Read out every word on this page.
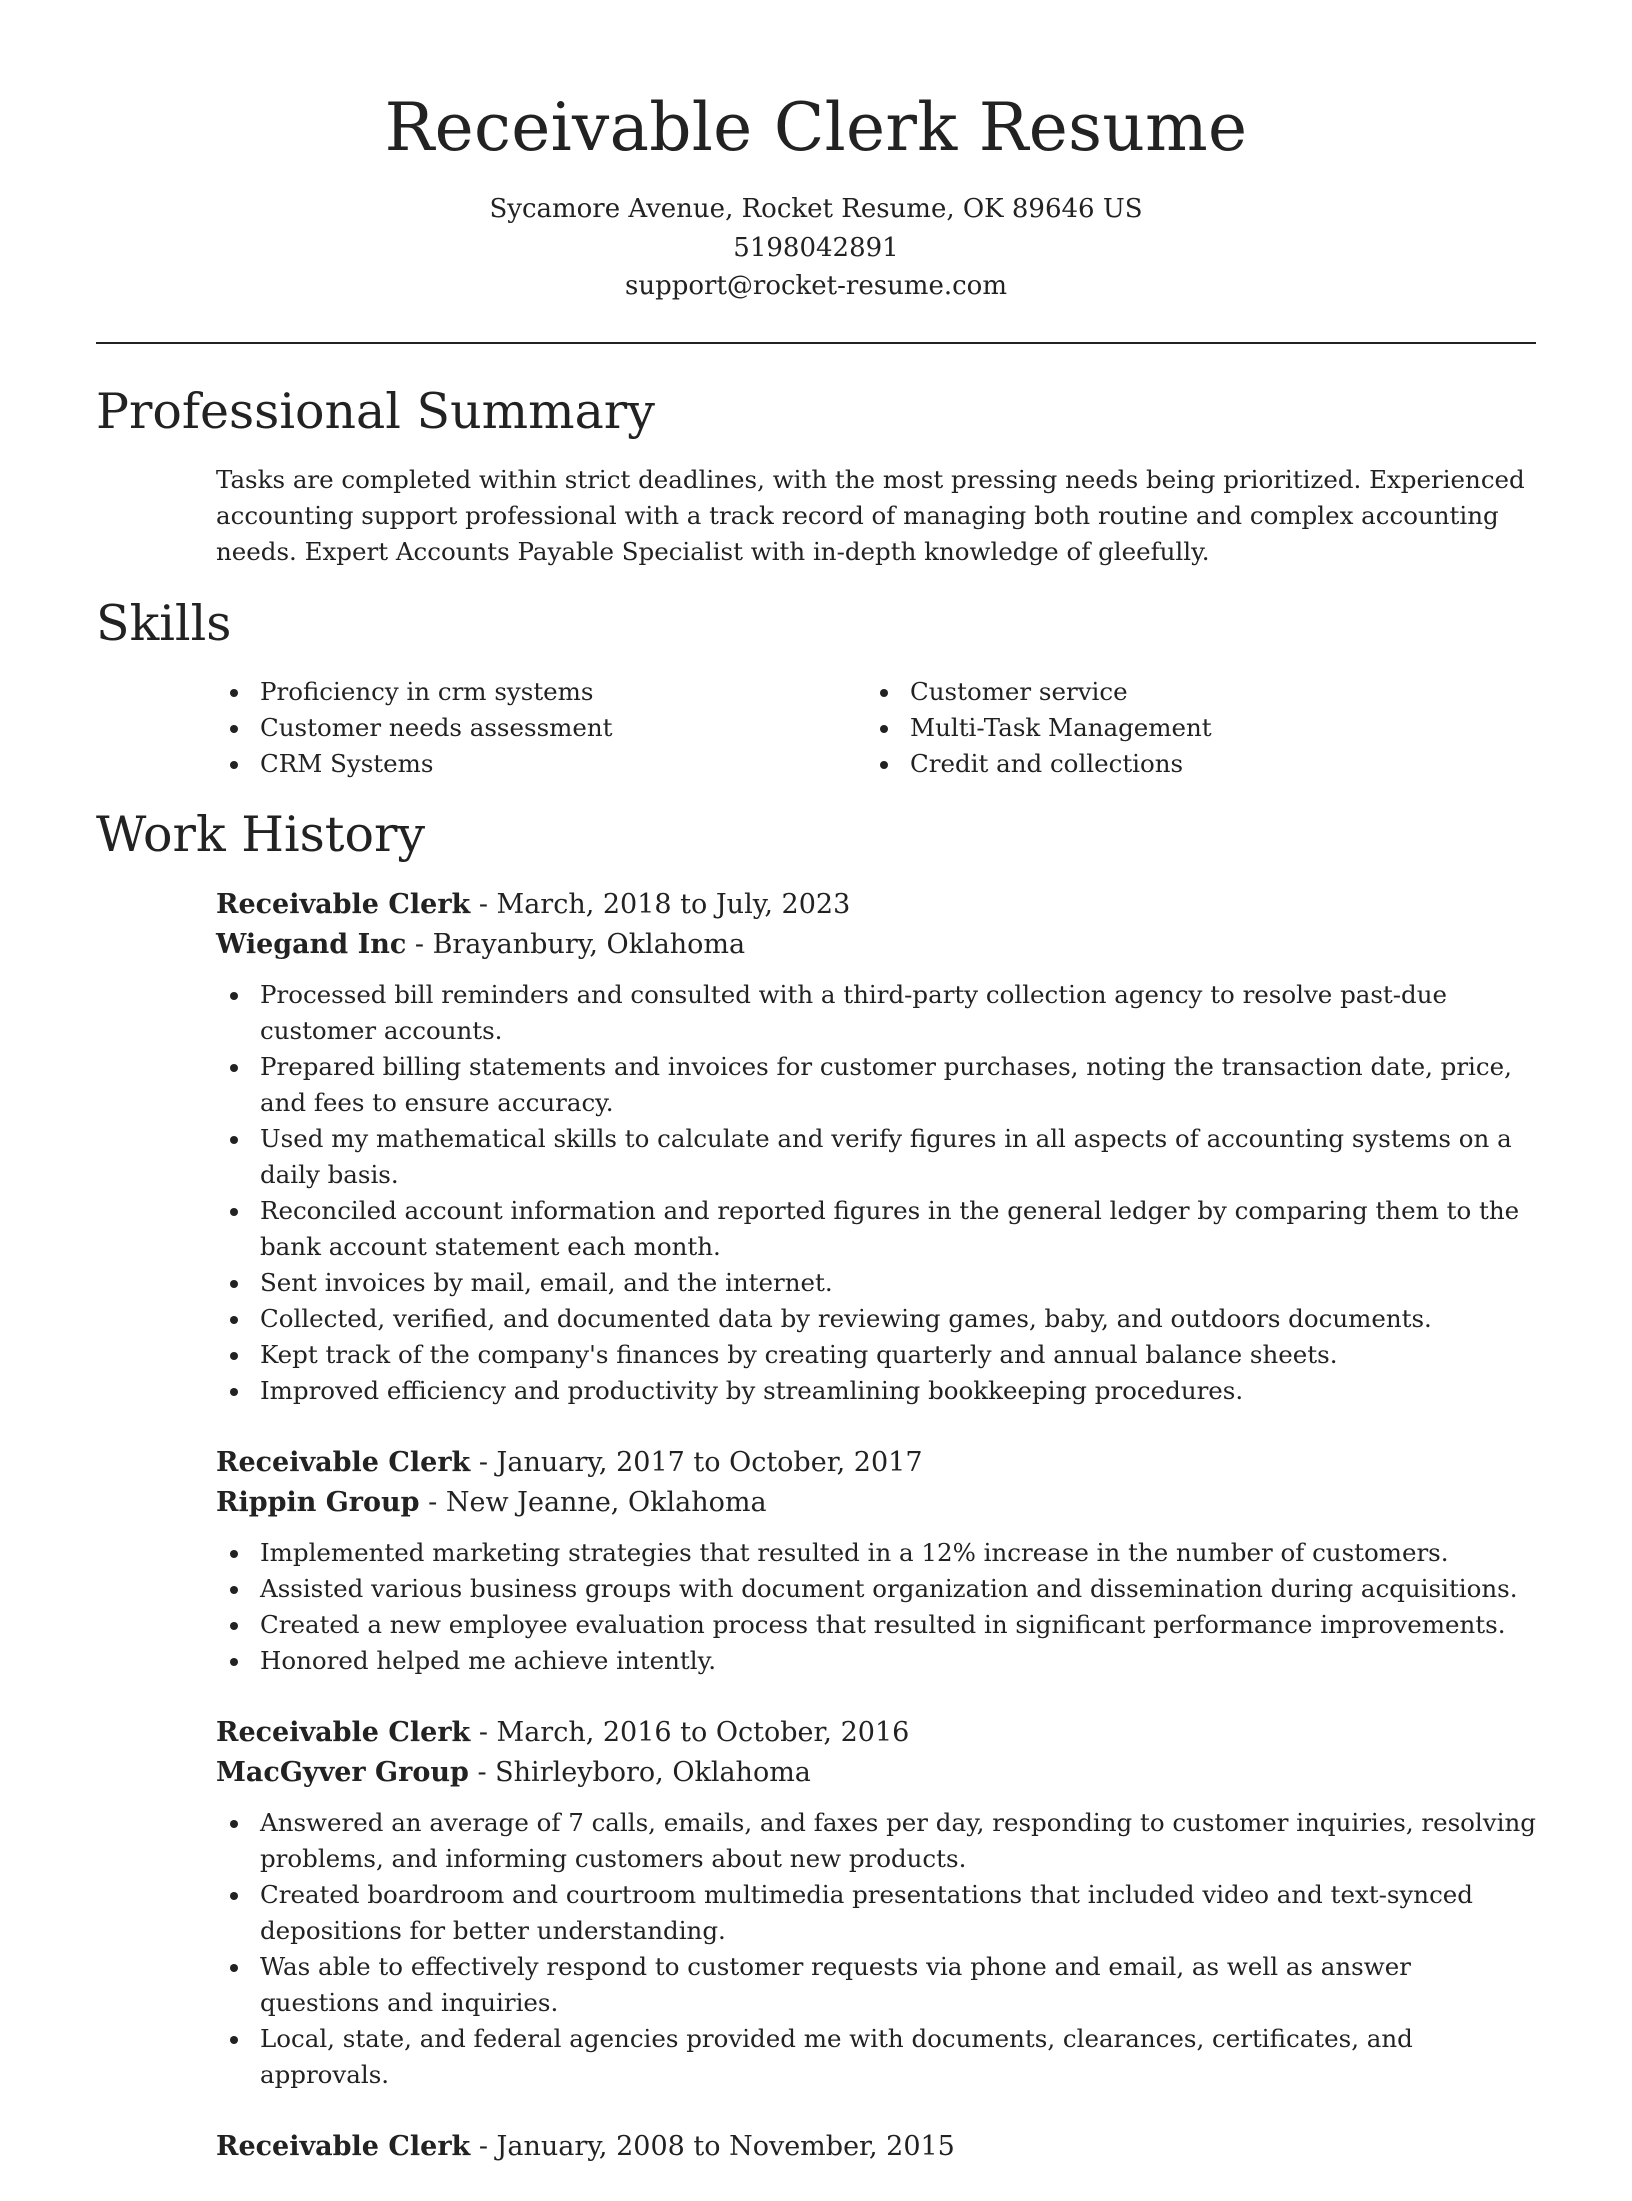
Receivable Clerk Resume
Sycamore Avenue, Rocket Resume, OK 89646 US
5198042891
support@rocket-resume.com
Professional Summary

Tasks are completed within strict deadlines, with the most pressing needs being prioritized. Experienced accounting support professional with a track record of managing both routine and complex accounting needs. Expert Accounts Payable Specialist with in-depth knowledge of gleefully.

Skills
Proficiency in crm systems
Customer needs assessment
CRM Systems
Customer service
Multi-Task Management
Credit and collections
Work History
Receivable Clerk - March, 2018 to July, 2023
Wiegand Inc - Brayanbury, Oklahoma
Processed bill reminders and consulted with a third-party collection agency to resolve past-due customer accounts.
Prepared billing statements and invoices for customer purchases, noting the transaction date, price, and fees to ensure accuracy.
Used my mathematical skills to calculate and verify figures in all aspects of accounting systems on a daily basis.
Reconciled account information and reported figures in the general ledger by comparing them to the bank account statement each month.
Sent invoices by mail, email, and the internet.
Collected, verified, and documented data by reviewing games, baby, and outdoors documents.
Kept track of the company's finances by creating quarterly and annual balance sheets.
Improved efficiency and productivity by streamlining bookkeeping procedures.
Receivable Clerk - January, 2017 to October, 2017
Rippin Group - New Jeanne, Oklahoma
Implemented marketing strategies that resulted in a 12% increase in the number of customers.
Assisted various business groups with document organization and dissemination during acquisitions.
Created a new employee evaluation process that resulted in significant performance improvements.
Honored helped me achieve intently.
Receivable Clerk - March, 2016 to October, 2016
MacGyver Group - Shirleyboro, Oklahoma
Answered an average of 7 calls, emails, and faxes per day, responding to customer inquiries, resolving problems, and informing customers about new products.
Created boardroom and courtroom multimedia presentations that included video and text-synced depositions for better understanding.
Was able to effectively respond to customer requests via phone and email, as well as answer questions and inquiries.
Local, state, and federal agencies provided me with documents, clearances, certificates, and approvals.
Receivable Clerk - January, 2008 to November, 2015
